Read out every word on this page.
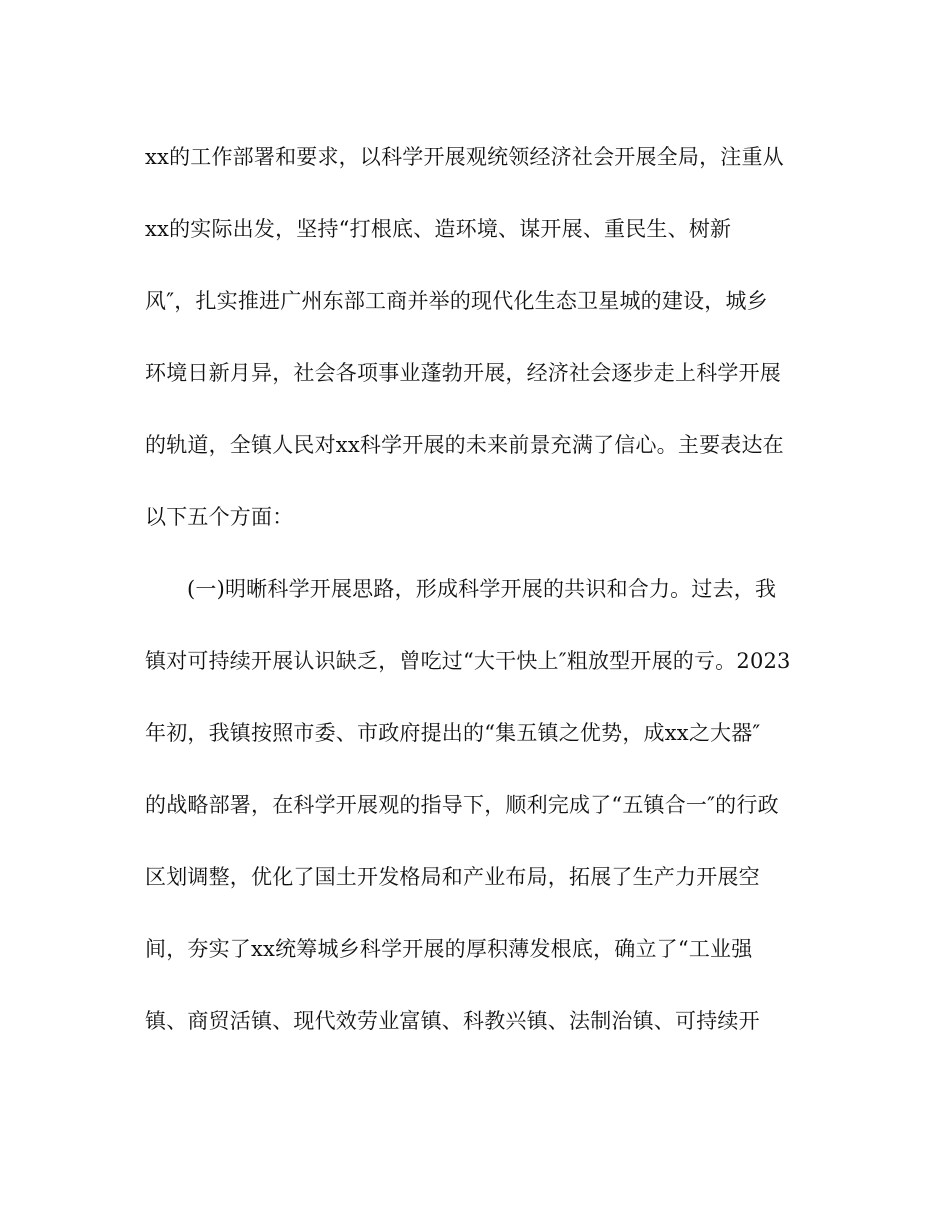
xx的工作部署和要求，以科学开展观统领经济社会开展全局，注重从
xx的实际出发，坚持“打根底、造环境、谋开展、重民生、树新
风″，扎实推进广州东部工商并举的现代化生态卫星城的建设，城乡
环境日新月异，社会各项事业蓬勃开展，经济社会逐步走上科学开展
的轨道，全镇人民对xx科学开展的未来前景充满了信心。主要表达在
以下五个方面：
(一)明晰科学开展思路，形成科学开展的共识和合力。过去，我
镇对可持续开展认识缺乏，曾吃过“大干快上″粗放型开展的亏。2023
年初，我镇按照市委、市政府提出的“集五镇之优势，成xx之大器″
的战略部署，在科学开展观的指导下，顺利完成了“五镇合一″的行政
区划调整，优化了国土开发格局和产业布局，拓展了生产力开展空
间，夯实了xx统筹城乡科学开展的厚积薄发根底，确立了“工业强
镇、商贸活镇、现代效劳业富镇、科教兴镇、法制治镇、可持续开
